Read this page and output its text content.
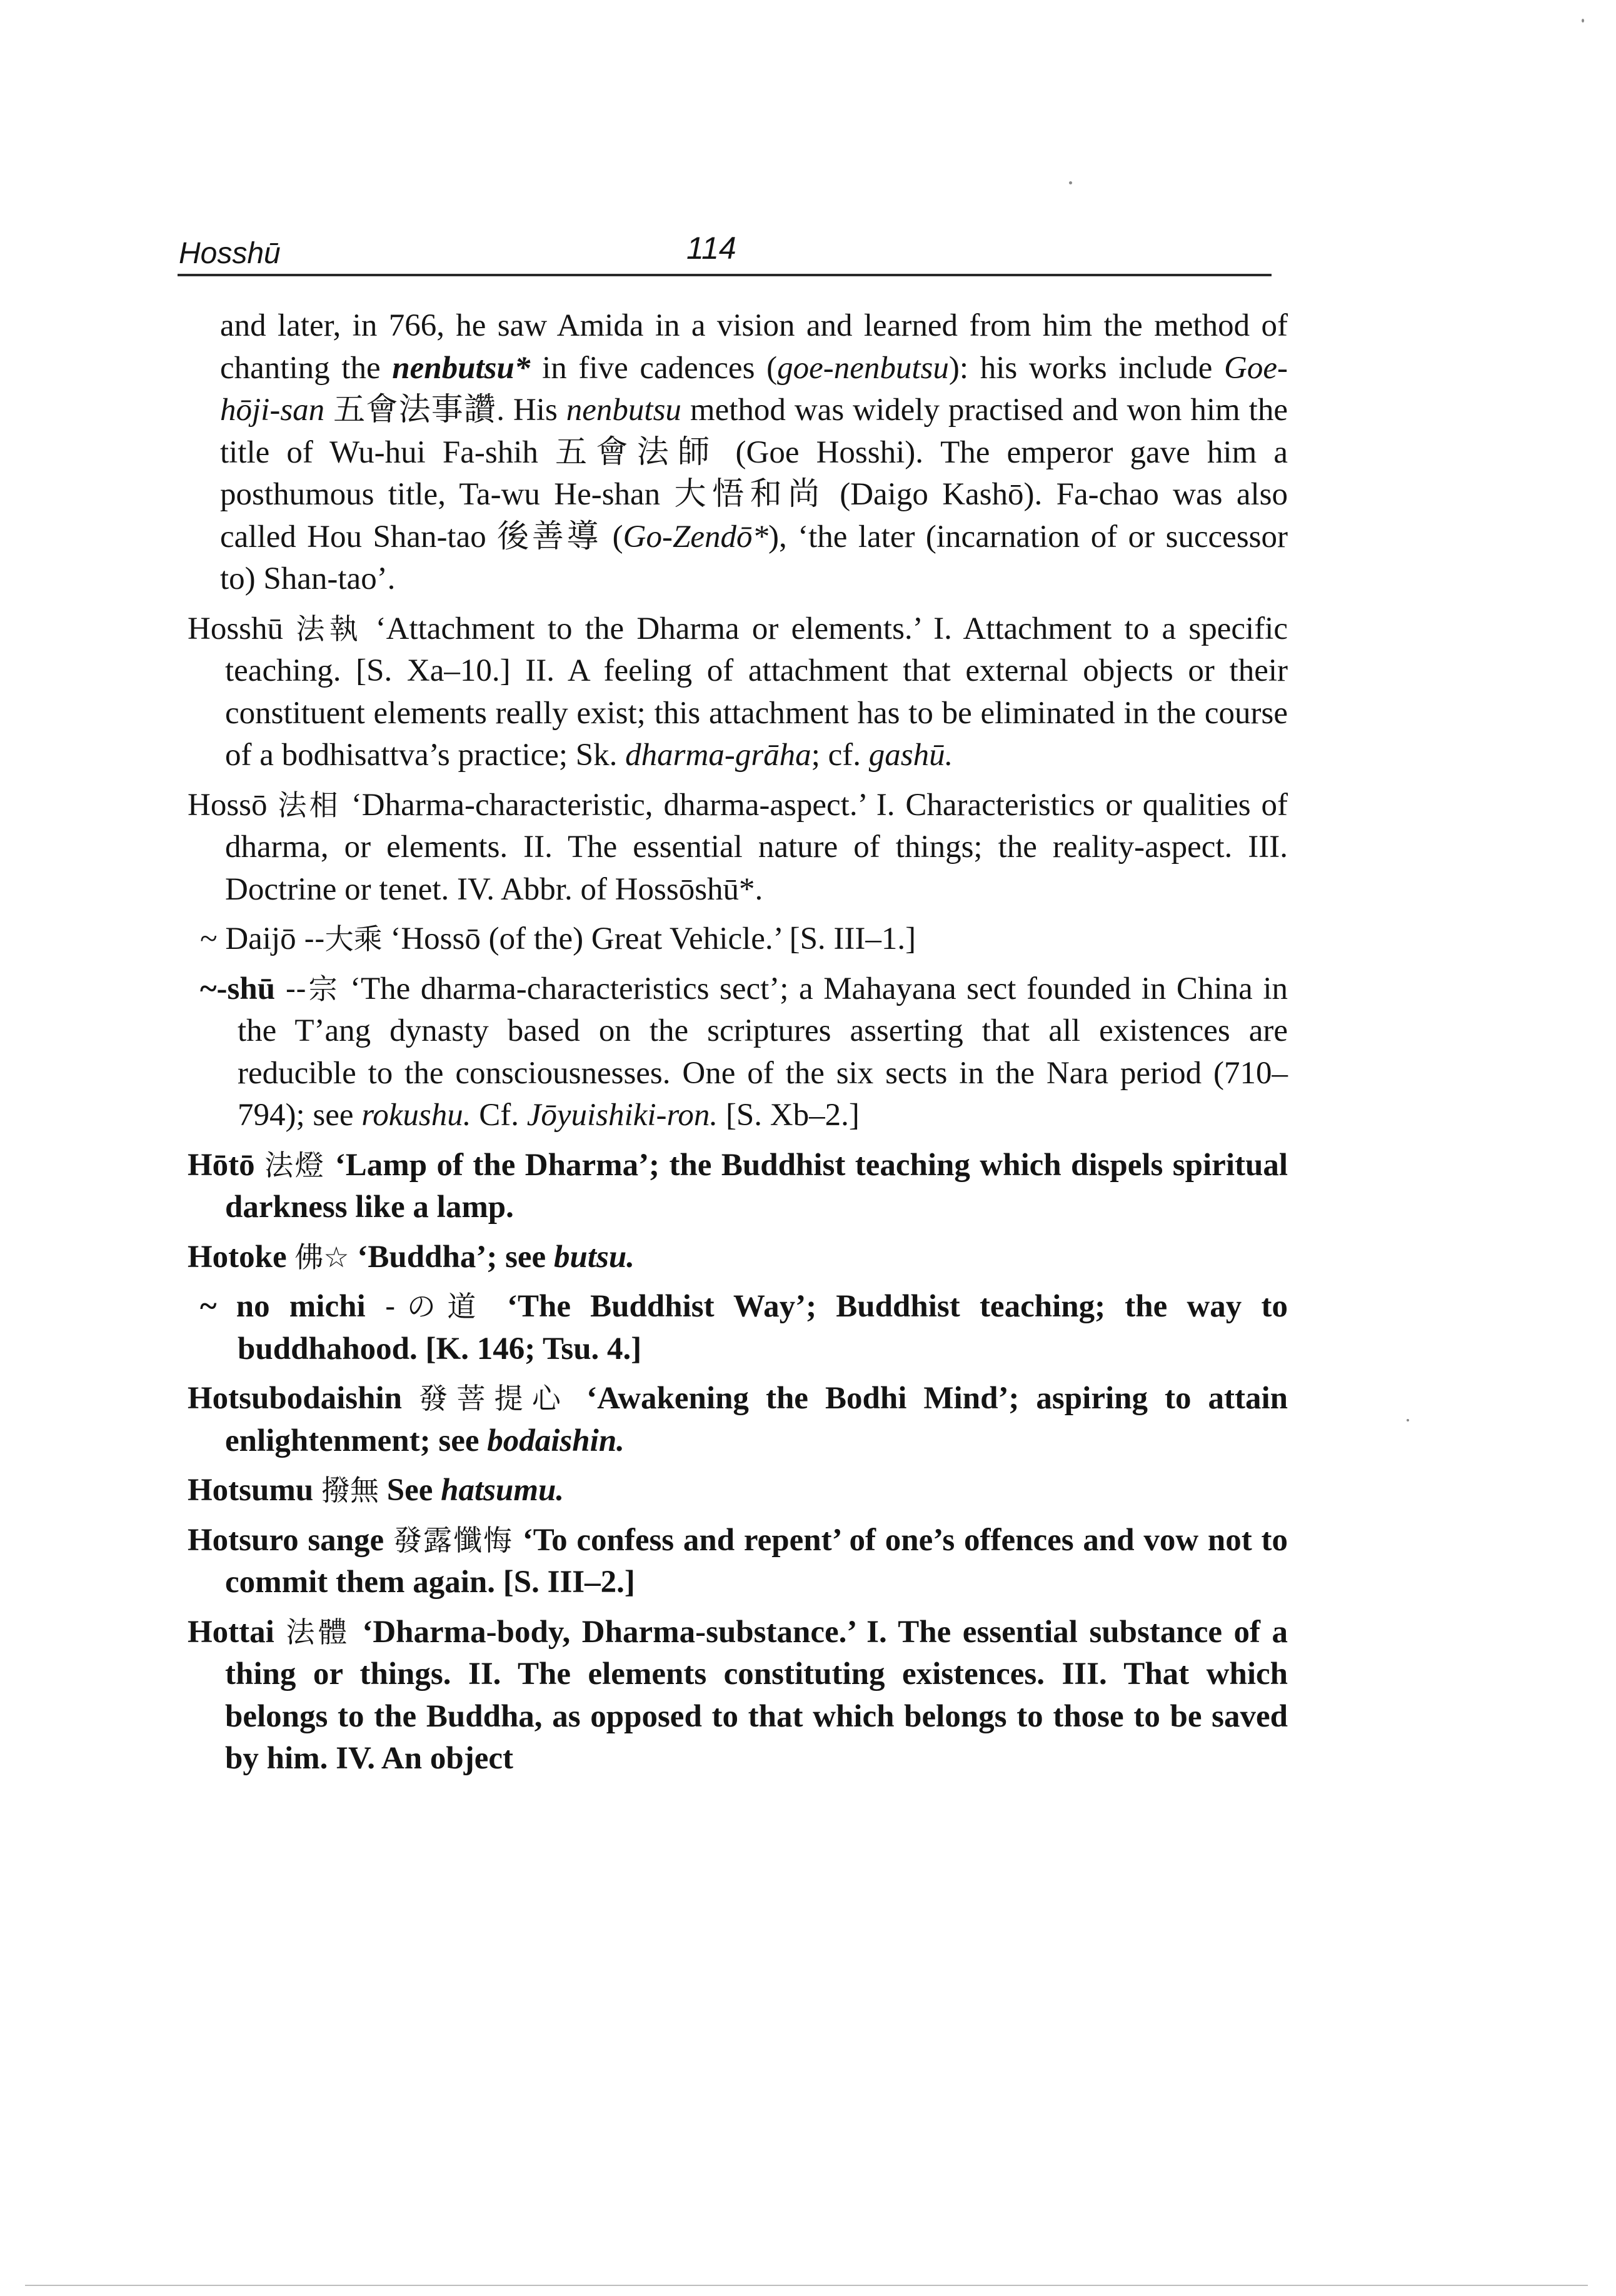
Hosshū	114

and later, in 766, he saw Amida in a vision and learned from him the method of chanting the nenbutsu* in five cadences (goe-nenbutsu): his works include Goe-hōji-san 五會法事讚. His nenbutsu method was widely practised and won him the title of Wu-hui Fa-shih 五會法師 (Goe Hosshi). The emperor gave him a posthumous title, Ta-wu He-shan 大悟和尚 (Daigo Kashō). Fa-chao was also called Hou Shan-tao 後善導 (Go-Zendō*), ‘the later (incarnation of or successor to) Shan-tao’.

Hosshū 法執 ‘Attachment to the Dharma or elements.’ I. Attachment to a specific teaching. [S. Xa–10.] II. A feeling of attachment that external objects or their constituent elements really exist; this attachment has to be eliminated in the course of a bodhisattva’s practice; Sk. dharma-grāha; cf. gashū.

Hossō 法相 ‘Dharma-characteristic, dharma-aspect.’ I. Characteristics or qualities of dharma, or elements. II. The essential nature of things; the reality-aspect. III. Doctrine or tenet. IV. Abbr. of Hossōshū*.

~ Daijō --大乘 ‘Hossō (of the) Great Vehicle.’ [S. III–1.]

~-shū --宗 ‘The dharma-characteristics sect’; a Mahayana sect founded in China in the T’ang dynasty based on the scriptures asserting that all existences are reducible to the consciousnesses. One of the six sects in the Nara period (710–794); see rokushu. Cf. Jōyuishiki-ron. [S. Xb–2.]

Hōtō 法燈 ‘Lamp of the Dharma’; the Buddhist teaching which dispels spiritual darkness like a lamp.

Hotoke 佛☆ ‘Buddha’; see butsu.

~ no michi -の道 ‘The Buddhist Way’; Buddhist teaching; the way to buddhahood. [K. 146; Tsu. 4.]

Hotsubodaishin 發菩提心 ‘Awakening the Bodhi Mind’; aspiring to attain enlightenment; see bodaishin.

Hotsumu 撥無 See hatsumu.

Hotsuro sange 發露懺悔 ‘To confess and repent’ of one’s offences and vow not to commit them again. [S. III–2.]

Hottai 法體 ‘Dharma-body, Dharma-substance.’ I. The essential substance of a thing or things. II. The elements constituting existences. III. That which belongs to the Buddha, as opposed to that which belongs to those to be saved by him. IV. An object
